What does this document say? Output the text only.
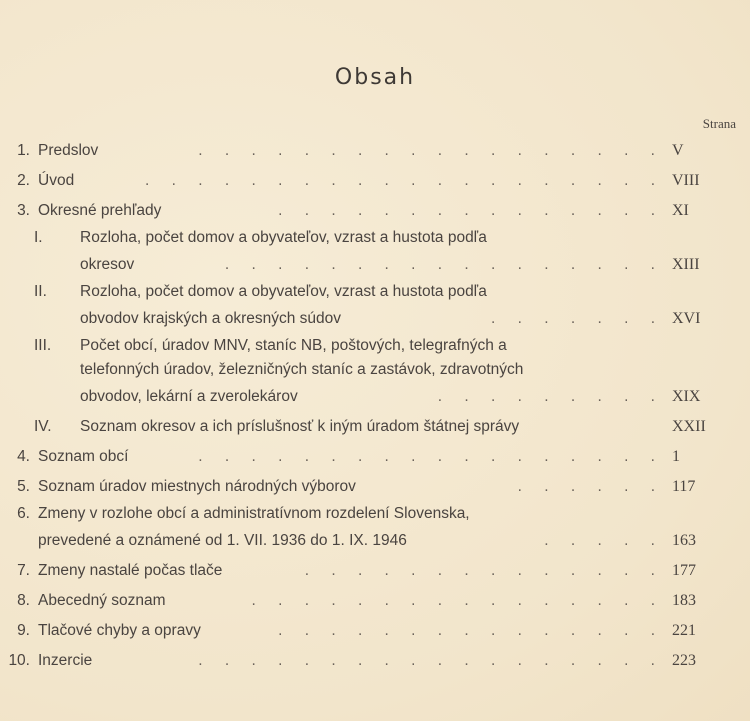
Obsah
Strana
1. Predslov	. . . . . . . . . . . . . . . . . . V
2. Úvod	. . . . . . . . . . . . . . . . . . . . VIII
3. Okresné prehľady	. . . . . . . . . . . . . . . XI
I.	Rozloha, počet domov a obyvateľov, vzrast a hustota podľa
okresov	. . . . . . . . . . . . . . . . . XIII
II.	Rozloha, počet domov a obyvateľov, vzrast a hustota podľa
obvodov krajských a okresných súdov	. . . . . . . XVI
III.	Počet obcí, úradov MNV, staníc NB, poštových, telegrafných a
telefonných úradov, železničných staníc a zastávok, zdravotných
obvodov, lekární a zverolekárov	. . . . . . . . . XIX
IV.	Soznam okresov a ich príslušnosť k iným úradom štátnej správy	XXII
4. Soznam obcí	. . . . . . . . . . . . . . . . . . 1
5. Soznam úradov miestnych národných výborov	. . . . . . 117
6. Zmeny v rozlohe obcí a administratívnom rozdelení Slovenska,
prevedené a oznámené od 1. VII. 1936 do 1. IX. 1946	. . . . . 163
7. Zmeny nastalé počas tlače	. . . . . . . . . . . . . . 177
8. Abecedný soznam	. . . . . . . . . . . . . . . . 183
9. Tlačové chyby a opravy	. . . . . . . . . . . . . . . 221
10. Inzercie	. . . . . . . . . . . . . . . . . . 223
